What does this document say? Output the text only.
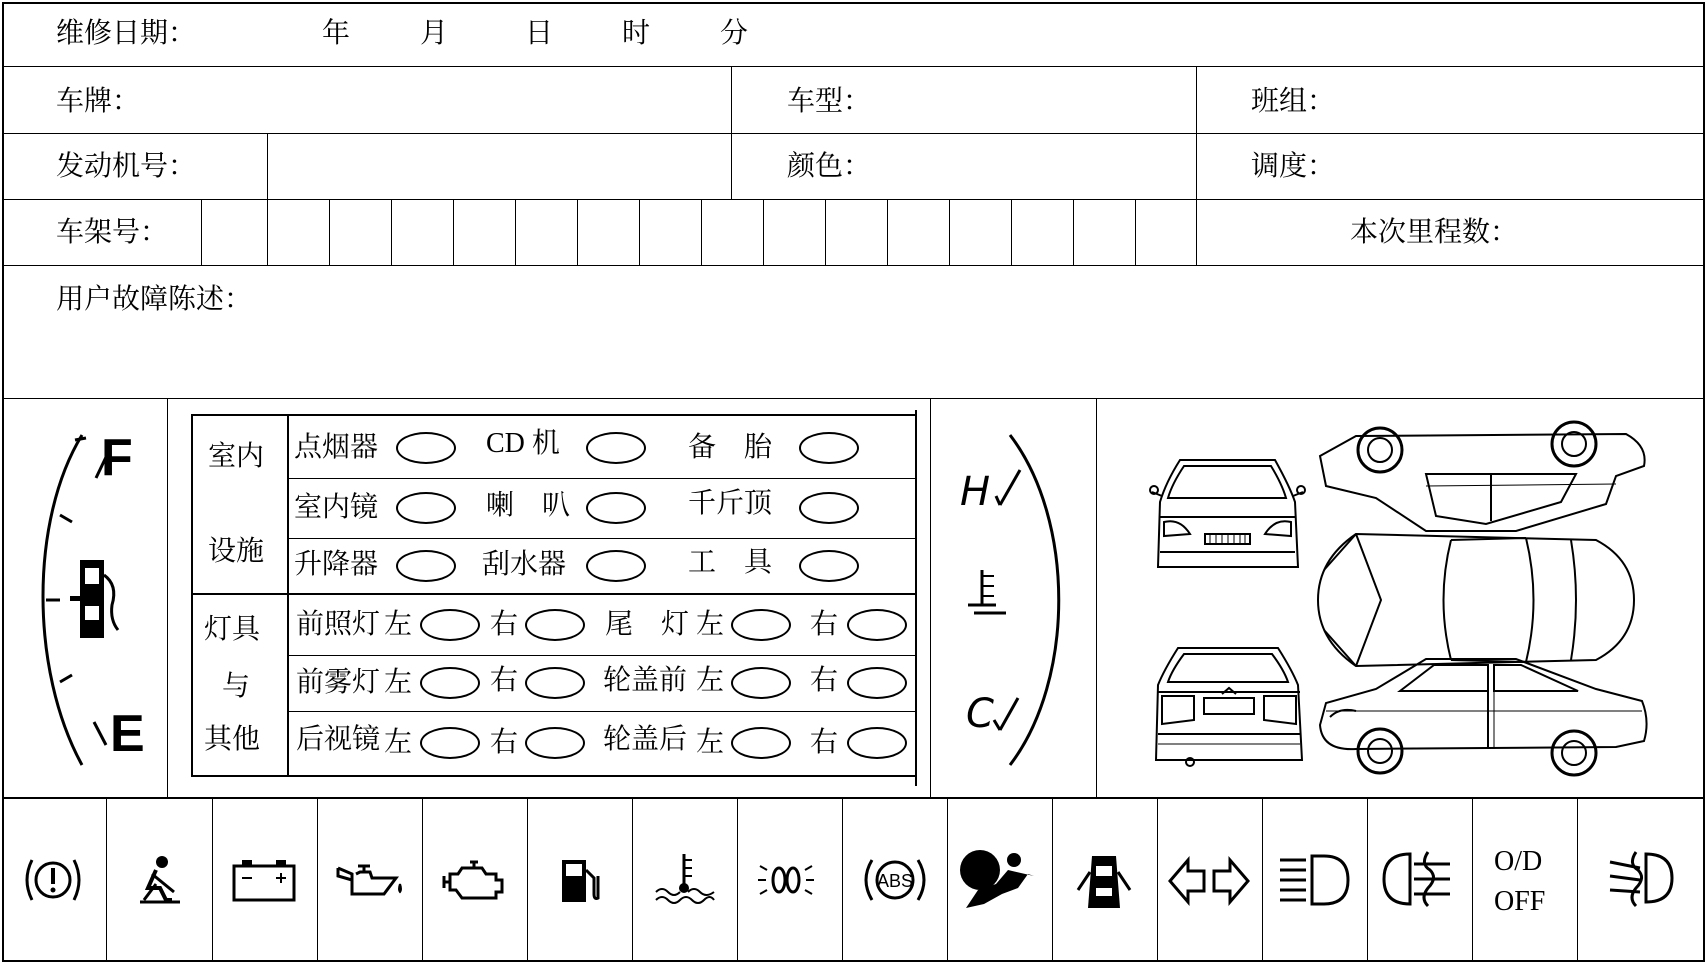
维修日期：	年 月	日 时 分
车牌：	车型：	班组：
发动机号：	颜色：	调度：
车架号：	本次里程数：
用户故障陈述：
F
E
室内
设施
灯具
与
其他
点烟器	CD 机	备　胎
室内镜	喇　叭	千斤顶
升降器	刮水器	工　具
前照灯 左	右	尾　灯 左	右
前雾灯 左	右	轮盖前 左	右
后视镜 左	右	轮盖后 左	右
H
C
ABS
O/D
OFF
